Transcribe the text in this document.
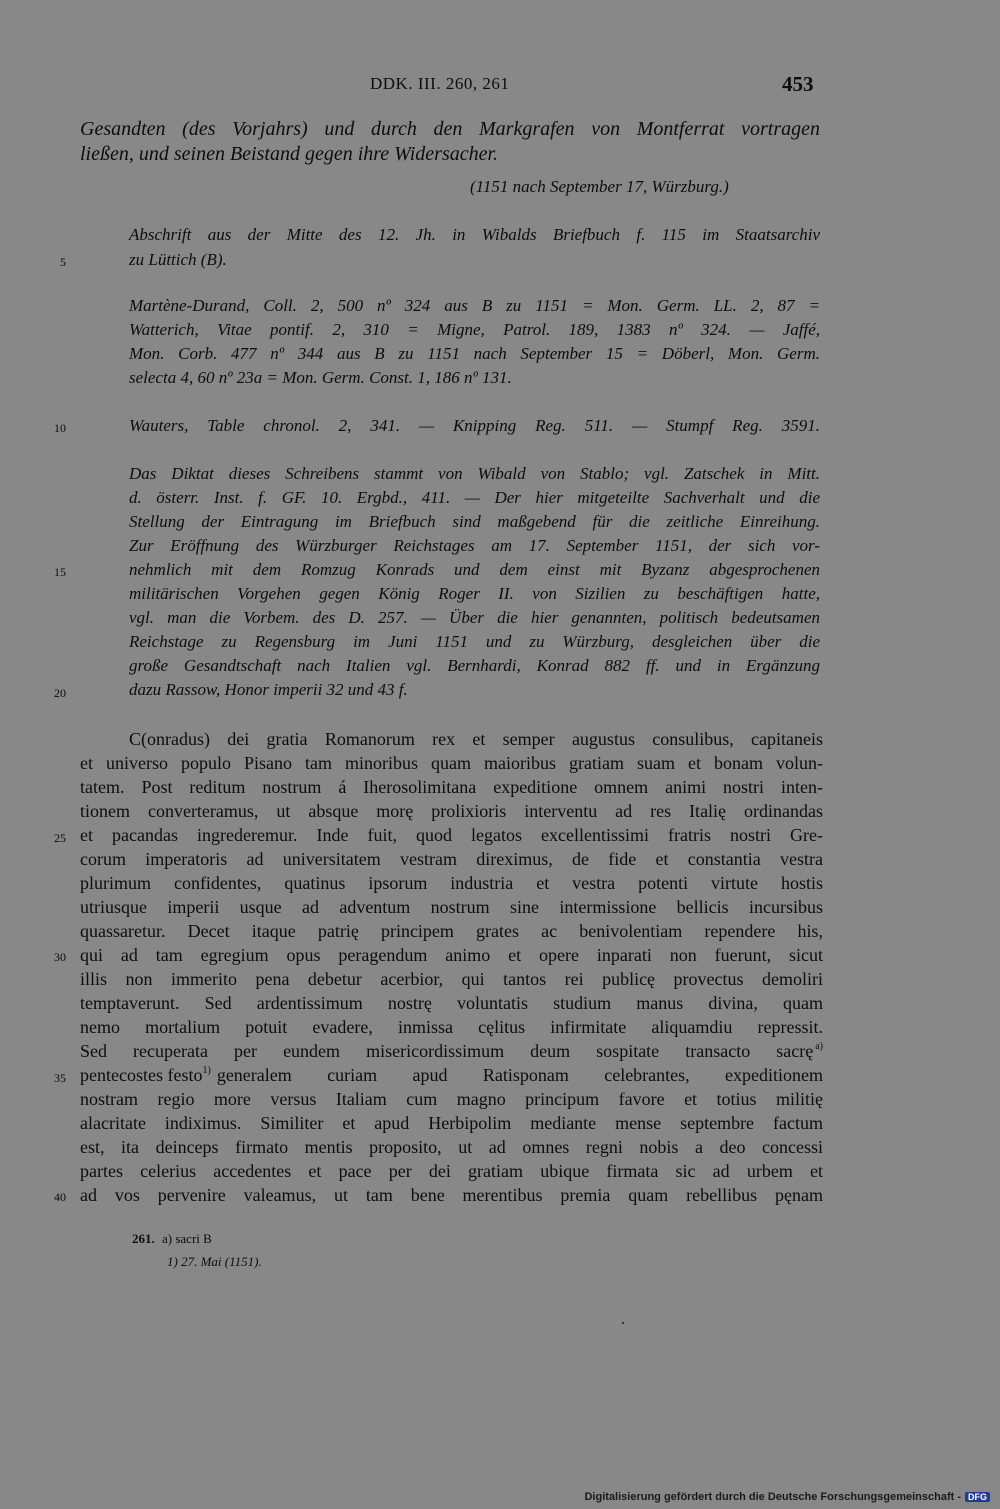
DDK. III. 260, 261	453
Gesandten (des Vorjahrs) und durch den Markgrafen von Montferrat vortragen
ließen, und seinen Beistand gegen ihre Widersacher.
(1151 nach September 17, Würzburg.)
Abschrift aus der Mitte des 12. Jh. in Wibalds Briefbuch f. 115 im Staatsarchiv
zu Lüttich (B).
Martène-Durand, Coll. 2, 500 nº 324 aus B zu 1151 = Mon. Germ. LL. 2, 87 =
Watterich, Vitae pontif. 2, 310 = Migne, Patrol. 189, 1383 nº 324. — Jaffé,
Mon. Corb. 477 nº 344 aus B zu 1151 nach September 15 = Döberl, Mon. Germ.
selecta 4, 60 nº 23a = Mon. Germ. Const. 1, 186 nº 131.
Wauters, Table chronol. 2, 341. — Knipping Reg. 511. — Stumpf Reg. 3591.
Das Diktat dieses Schreibens stammt von Wibald von Stablo; vgl. Zatschek in Mitt.
d. österr. Inst. f. GF. 10. Ergbd., 411. — Der hier mitgeteilte Sachverhalt und die
Stellung der Eintragung im Briefbuch sind maßgebend für die zeitliche Einreihung.
Zur Eröffnung des Würzburger Reichstages am 17. September 1151, der sich vor-
nehmlich mit dem Romzug Konrads und dem einst mit Byzanz abgesprochenen
militärischen Vorgehen gegen König Roger II. von Sizilien zu beschäftigen hatte,
vgl. man die Vorbem. des D. 257. — Über die hier genannten, politisch bedeutsamen
Reichstage zu Regensburg im Juni 1151 und zu Würzburg, desgleichen über die
große Gesandtschaft nach Italien vgl. Bernhardi, Konrad 882 ff. und in Ergänzung
dazu Rassow, Honor imperii 32 und 43 f.
5
10
15
20
25
30
35
40
C(onradus) dei gratia Romanorum rex et semper augustus consulibus, capitaneis
et universo populo Pisano tam minoribus quam maioribus gratiam suam et bonam volun-
tatem. Post reditum nostrum á Iherosolimitana expeditione omnem animi nostri inten-
tionem converteramus, ut absque morę prolixioris interventu ad res Italię ordinandas
et pacandas ingrederemur. Inde fuit, quod legatos excellentissimi fratris nostri Gre-
corum imperatoris ad universitatem vestram direximus, de fide et constantia vestra
plurimum confidentes, quatinus ipsorum industria et vestra potenti virtute hostis
utriusque imperii usque ad adventum nostrum sine intermissione bellicis incursibus
quassaretur. Decet itaque patrię principem grates ac benivolentiam rependere his,
qui ad tam egregium opus peragendum animo et opere inparati non fuerunt, sicut
illis non immerito pena debetur acerbior, qui tantos rei publicę provectus demoliri
temptaverunt. Sed ardentissimum nostrę voluntatis studium manus divina, quam
nemo mortalium potuit evadere, inmissa cęlitus infirmitate aliquamdiu repressit.
Sed recuperata per eundem misericordissimum deum sospitate transacto sacrę a)
pentecostes festo 1) generalem curiam apud Ratisponam celebrantes, expeditionem
nostram regio more versus Italiam cum magno principum favore et totius militię
alacritate indiximus. Similiter et apud Herbipolim mediante mense septembre factum
est, ita deinceps firmato mentis proposito, ut ad omnes regni nobis a deo concessi
partes celerius accedentes et pace per dei gratiam ubique firmata sic ad urbem et
ad vos pervenire valeamus, ut tam bene merentibus premia quam rebellibus pęnam
261. a) sacri B
1) 27. Mai (1151).
Digitalisierung gefördert durch die Deutsche Forschungsgemeinschaft - DFG
